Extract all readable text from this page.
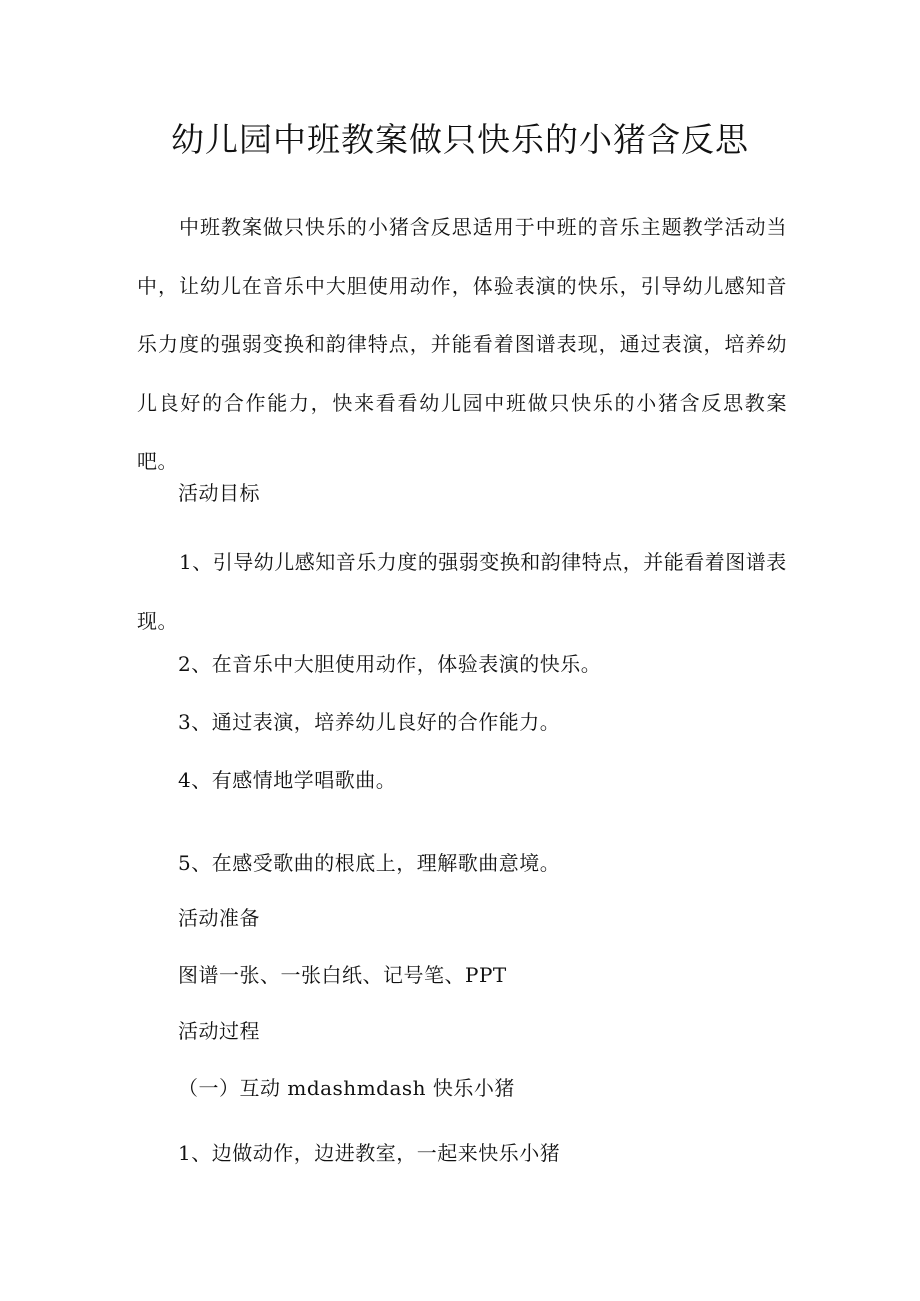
幼儿园中班教案做只快乐的小猪含反思
中班教案做只快乐的小猪含反思适用于中班的音乐主题教学活动当中，让幼儿在音乐中大胆使用动作，体验表演的快乐，引导幼儿感知音乐力度的强弱变换和韵律特点，并能看着图谱表现，通过表演，培养幼儿良好的合作能力，快来看看幼儿园中班做只快乐的小猪含反思教案吧。
活动目标
1、引导幼儿感知音乐力度的强弱变换和韵律特点，并能看着图谱表现。
2、在音乐中大胆使用动作，体验表演的快乐。
3、通过表演，培养幼儿良好的合作能力。
4、有感情地学唱歌曲。
5、在感受歌曲的根底上，理解歌曲意境。
活动准备
图谱一张、一张白纸、记号笔、PPT
活动过程
（一）互动 mdashmdash 快乐小猪
1、边做动作，边进教室，一起来快乐小猪
